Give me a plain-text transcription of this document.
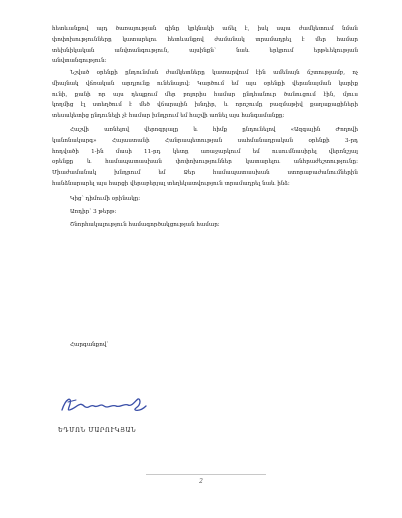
հետևանքով այդ ծառայության գինը կրկնակի աճել է, իսկ սպա ժամկետում նման
փոփոխությունները կատարելու հետևանքով ժամանակ տրամադրել է մեր համար
տեխնիկական անվտանգություն, այսինքն՝ նաև երկրում երթևեկության
անվտանգություն:
Նշված օրենքի ընդունման ժամկետները կատարվում էին ամենայն ճշտությամբ, ոչ
միայնակ վճռական արդյունք ունենալով: Կարծում եմ այս օրենքի վերանայման կարիք
ունի, քանի որ այս դեպքում մեր բոլորիս համար ընդհանուր ծանուցում էին, մյուս
կողմից էլ ստեղծում է մեծ վճարային խնդիր, և որոշումը բազմաթիվ քաղաքացիների
տեսակետից ընդունելի չէ համար խնդրում եմ հաշվի առնել այս հանգամանքը:
Հաշվի առնելով վերոգրյալը և հիմք ընդունելով «Ազգային Ժողովի
կանոնակարգ» Հայաստանի Հանրապետության սահմանադրական օրենքի 3-րդ
հոդվածի 1-ին մասի 11-րդ կետը առաջարկում եմ ուսումնասիրել վերոնշյալ
օրենքը և համապատասխան փոփոխություններ կատարելու անհրաժեշտությունը:
Միաժամանակ խնդրում եմ Ձեր համապատասխան ստորաբաժանումներին
հանձնարարել այս հարցի վերաբերյալ տեղեկատվություն տրամադրել նաև ինձ:
Կից՝ դիմումի օրինակը:
Առդիր՝ 3 թերթ:
Շնորհակալություն համագործակցության համար:
Հարգանքով՝
ԵԴՄՈՆ ՄԱՐՈՒԿՅԱՆ
2
